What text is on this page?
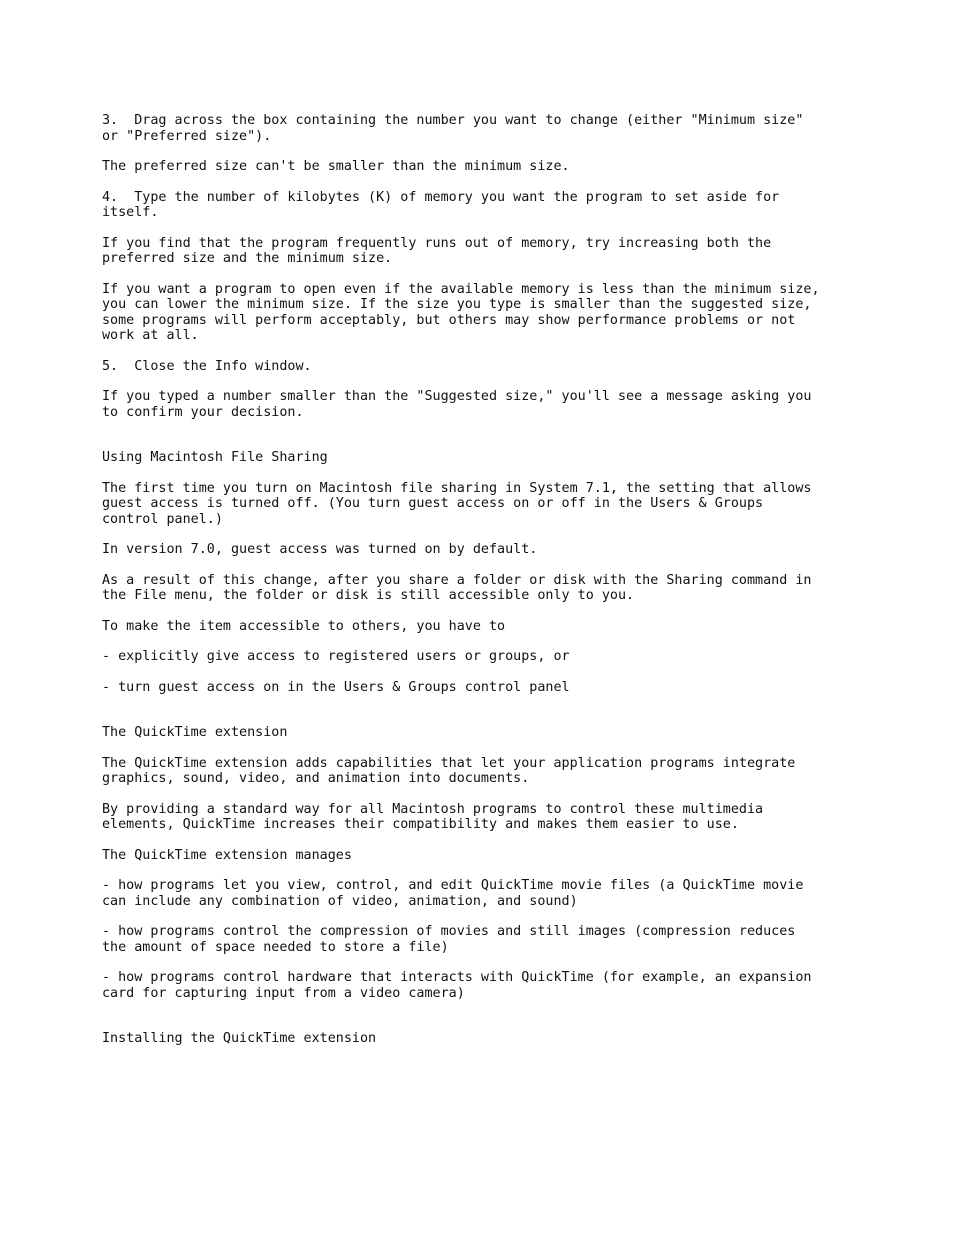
3.  Drag across the box containing the number you want to change (either "Minimum size"
or "Preferred size").

The preferred size can't be smaller than the minimum size.

4.  Type the number of kilobytes (K) of memory you want the program to set aside for
itself.

If you find that the program frequently runs out of memory, try increasing both the
preferred size and the minimum size.

If you want a program to open even if the available memory is less than the minimum size,
you can lower the minimum size. If the size you type is smaller than the suggested size,
some programs will perform acceptably, but others may show performance problems or not
work at all.

5.  Close the Info window.

If you typed a number smaller than the "Suggested size," you'll see a message asking you
to confirm your decision.

Using Macintosh File Sharing

The first time you turn on Macintosh file sharing in System 7.1, the setting that allows
guest access is turned off. (You turn guest access on or off in the Users & Groups
control panel.)

In version 7.0, guest access was turned on by default.

As a result of this change, after you share a folder or disk with the Sharing command in
the File menu, the folder or disk is still accessible only to you.

To make the item accessible to others, you have to

- explicitly give access to registered users or groups, or

- turn guest access on in the Users & Groups control panel

The QuickTime extension

The QuickTime extension adds capabilities that let your application programs integrate
graphics, sound, video, and animation into documents.

By providing a standard way for all Macintosh programs to control these multimedia
elements, QuickTime increases their compatibility and makes them easier to use.

The QuickTime extension manages

- how programs let you view, control, and edit QuickTime movie files (a QuickTime movie
can include any combination of video, animation, and sound)

- how programs control the compression of movies and still images (compression reduces
the amount of space needed to store a file)

- how programs control hardware that interacts with QuickTime (for example, an expansion
card for capturing input from a video camera)

Installing the QuickTime extension
